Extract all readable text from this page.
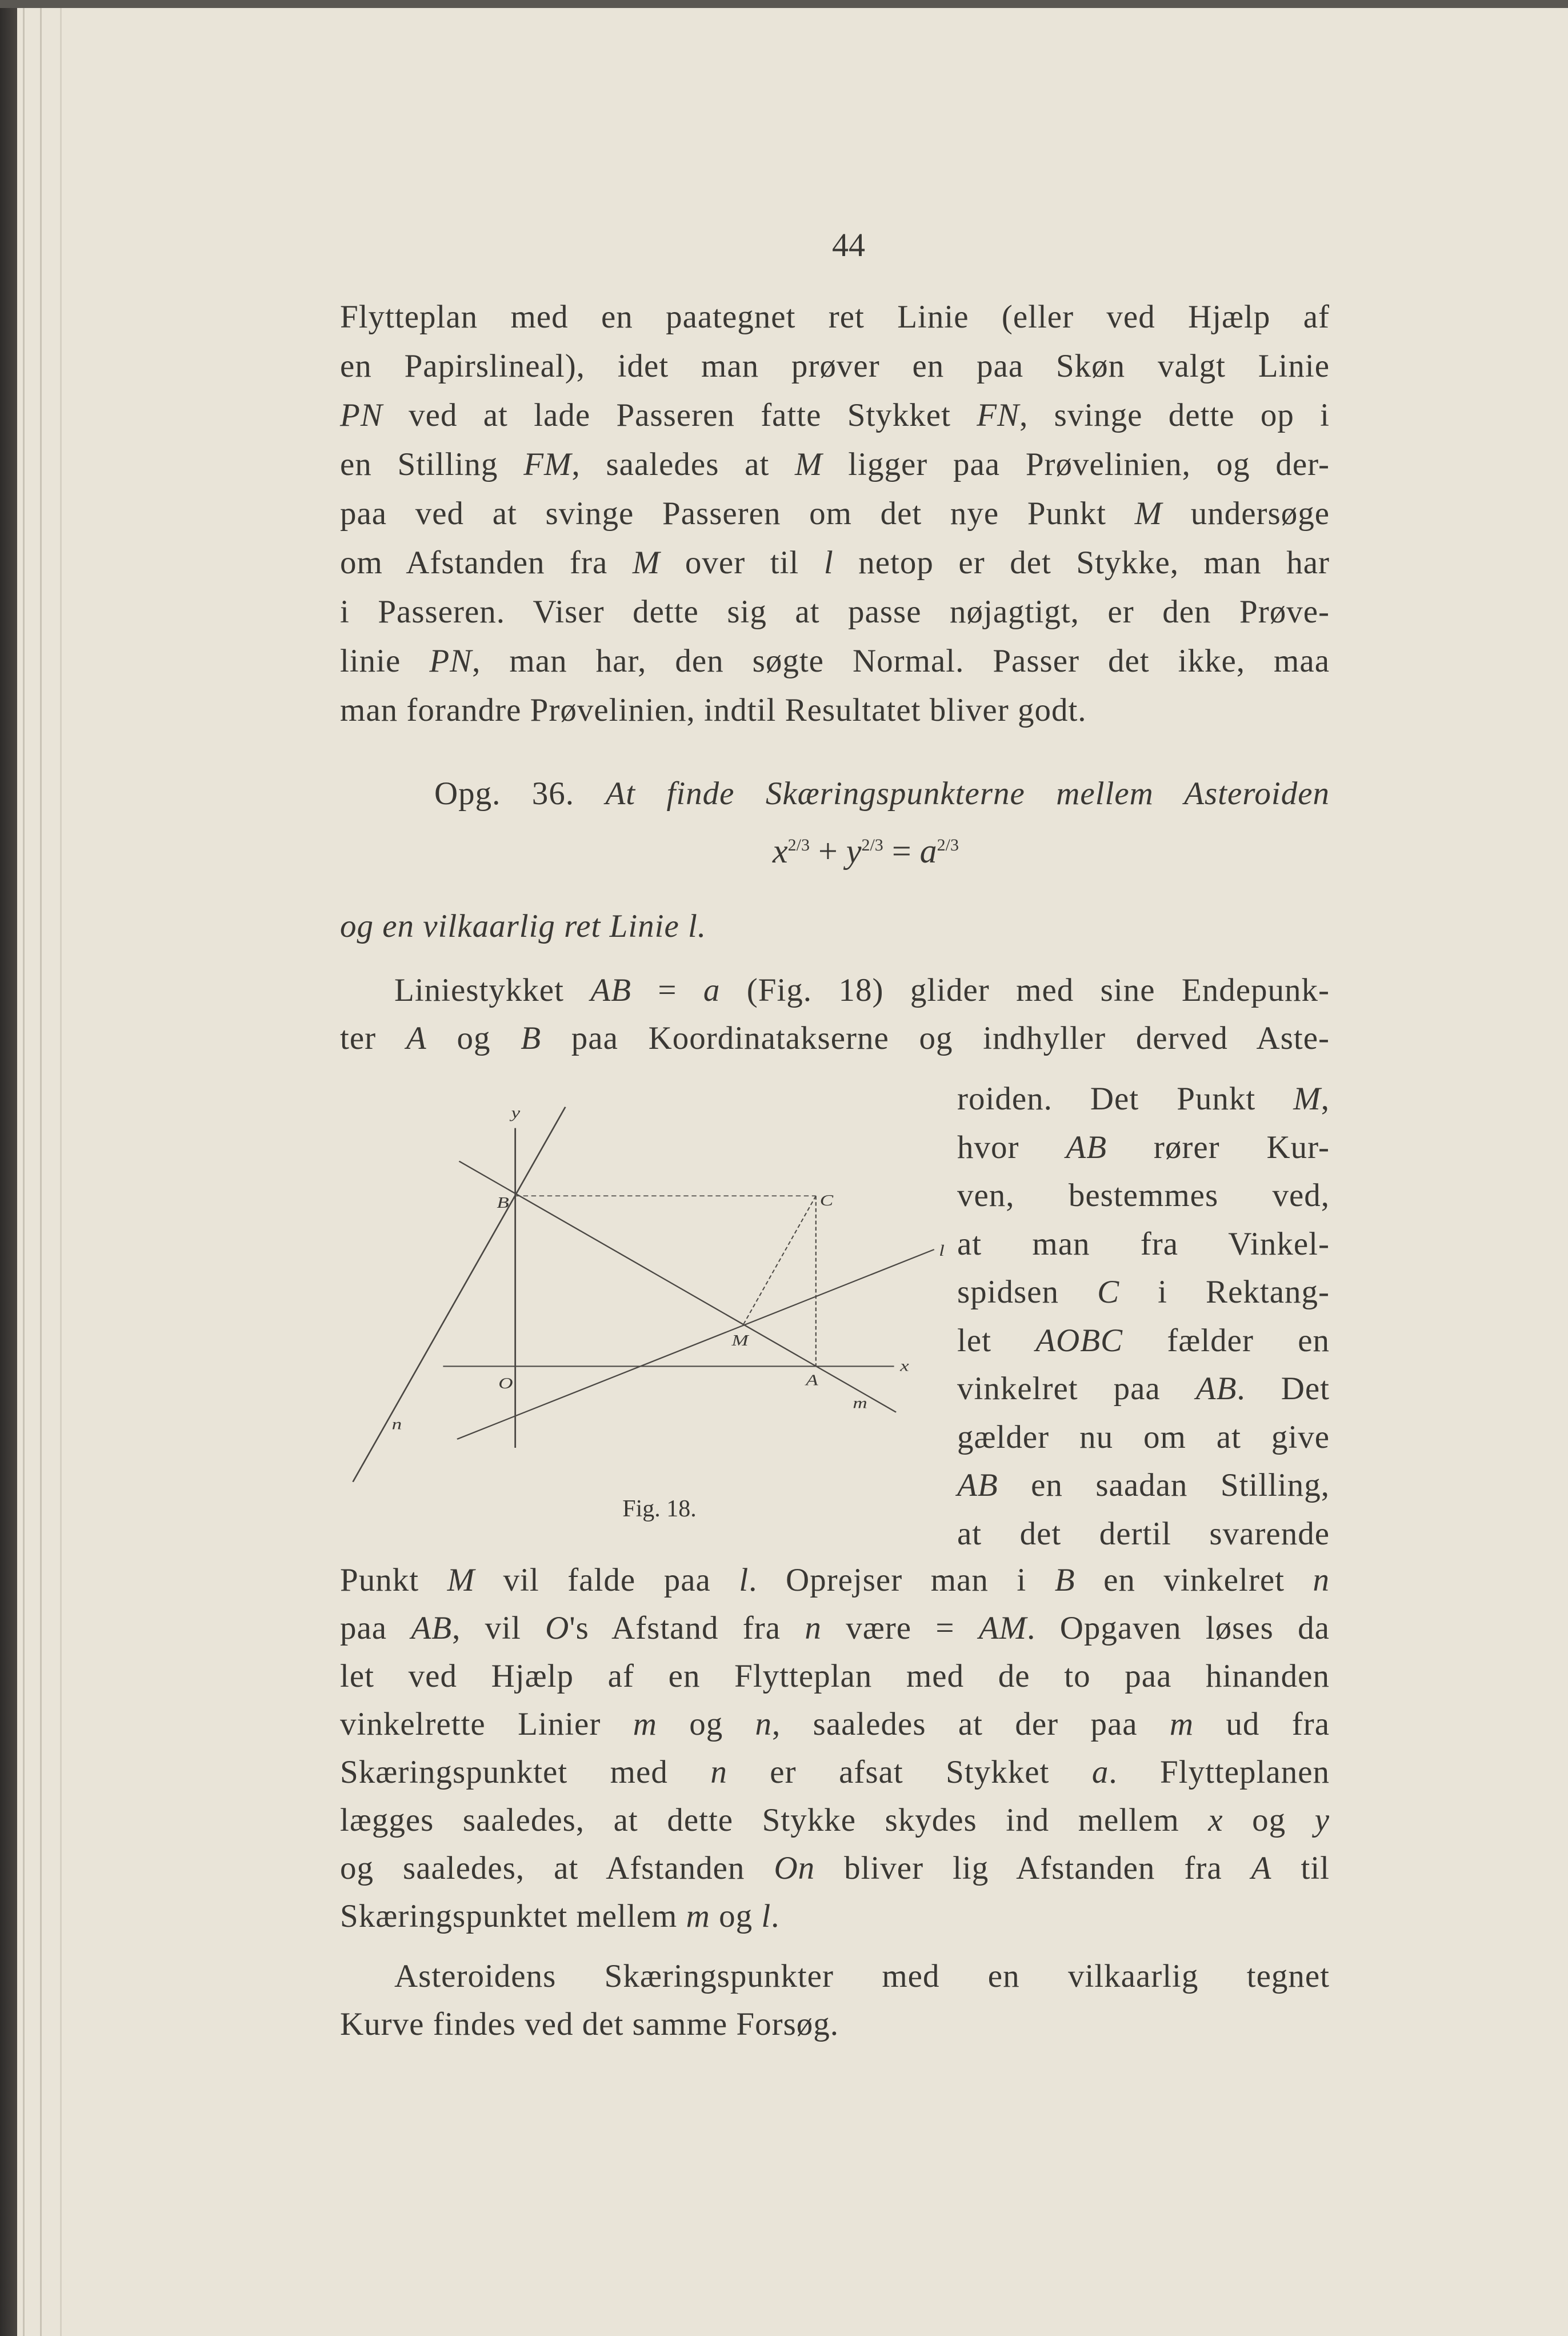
44
Flytteplan med en paategnet ret Linie (eller ved Hjælp af
en Papirslineal), idet man prøver en paa Skøn valgt Linie
PN ved at lade Passeren fatte Stykket FN, svinge dette op i
en Stilling FM, saaledes at M ligger paa Prøvelinien, og der-
paa ved at svinge Passeren om det nye Punkt M undersøge
om Afstanden fra M over til l netop er det Stykke, man har
i Passeren. Viser dette sig at passe nøjagtigt, er den Prøve-
linie PN, man har, den søgte Normal. Passer det ikke, maa
man forandre Prøvelinien, indtil Resultatet bliver godt.
Opg. 36. At finde Skæringspunkterne mellem Asteroiden
og en vilkaarlig ret Linie l.
Liniestykket AB = a (Fig. 18) glider med sine Endepunk-
ter A og B paa Koordinatakserne og indhyller derved Aste-
roiden. Det Punkt M,
hvor AB rører Kur-
ven, bestemmes ved,
at man fra Vinkel-
spidsen C i Rektang-
let AOBC fælder en
vinkelret paa AB. Det
gælder nu om at give
AB en saadan Stilling,
at det dertil svarende
Punkt M vil falde paa l. Oprejser man i B en vinkelret n
paa AB, vil O's Afstand fra n være = AM. Opgaven løses da
let ved Hjælp af en Flytteplan med de to paa hinanden
vinkelrette Linier m og n, saaledes at der paa m ud fra
Skæringspunktet med n er afsat Stykket a. Flytteplanen
lægges saaledes, at dette Stykke skydes ind mellem x og y
og saaledes, at Afstanden On bliver lig Afstanden fra A til
Skæringspunktet mellem m og l.
Asteroidens Skæringspunkter med en vilkaarlig tegnet
Kurve findes ved det samme Forsøg.
$x^{2/3} + y^{2/3} = a^{2/3}$
y
x
B	C
M
O	A
l
m
n
Fig. 18.
